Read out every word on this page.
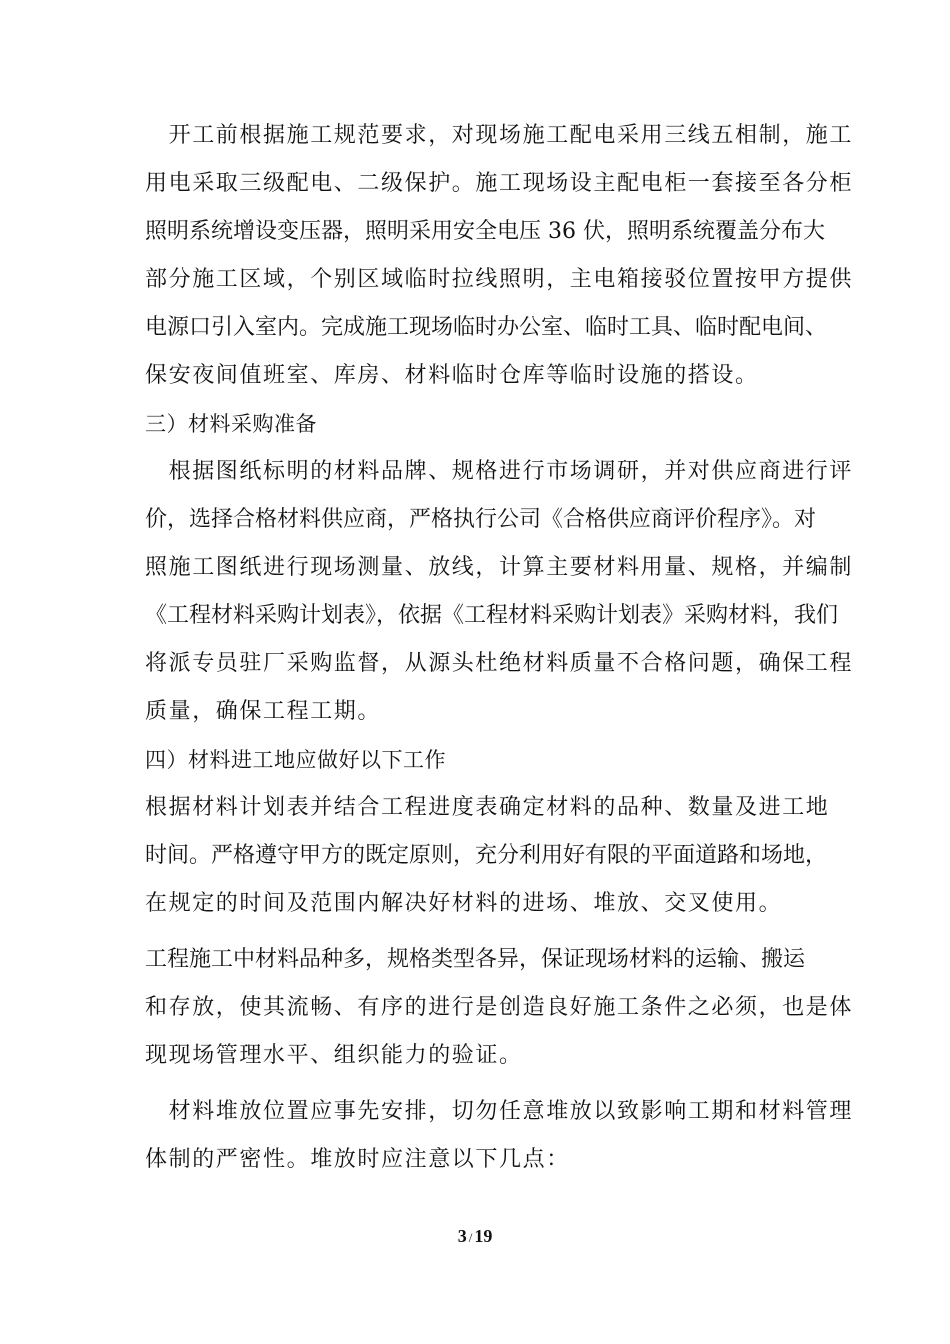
　开工前根据施工规范要求，对现场施工配电采用三线五相制，施工
用电采取三级配电、二级保护。施工现场设主配电柜一套接至各分柜
照明系统增设变压器，照明采用安全电压 36 伏，照明系统覆盖分布大
部分施工区域，个别区域临时拉线照明，主电箱接驳位置按甲方提供
电源口引入室内。完成施工现场临时办公室、临时工具、临时配电间、
保安夜间值班室、库房、材料临时仓库等临时设施的搭设。
三）材料采购准备
　根据图纸标明的材料品牌、规格进行市场调研，并对供应商进行评
价，选择合格材料供应商，严格执行公司《合格供应商评价程序》。对
照施工图纸进行现场测量、放线，计算主要材料用量、规格，并编制
《工程材料采购计划表》，依据《工程材料采购计划表》采购材料，我们
将派专员驻厂采购监督，从源头杜绝材料质量不合格问题，确保工程
质量，确保工程工期。
四）材料进工地应做好以下工作
根据材料计划表并结合工程进度表确定材料的品种、数量及进工地
时间。严格遵守甲方的既定原则，充分利用好有限的平面道路和场地，
在规定的时间及范围内解决好材料的进场、堆放、交叉使用。
工程施工中材料品种多，规格类型各异，保证现场材料的运输、搬运
和存放，使其流畅、有序的进行是创造良好施工条件之必须，也是体
现现场管理水平、组织能力的验证。
　材料堆放位置应事先安排，切勿任意堆放以致影响工期和材料管理
体制的严密性。堆放时应注意以下几点：
3 / 19
